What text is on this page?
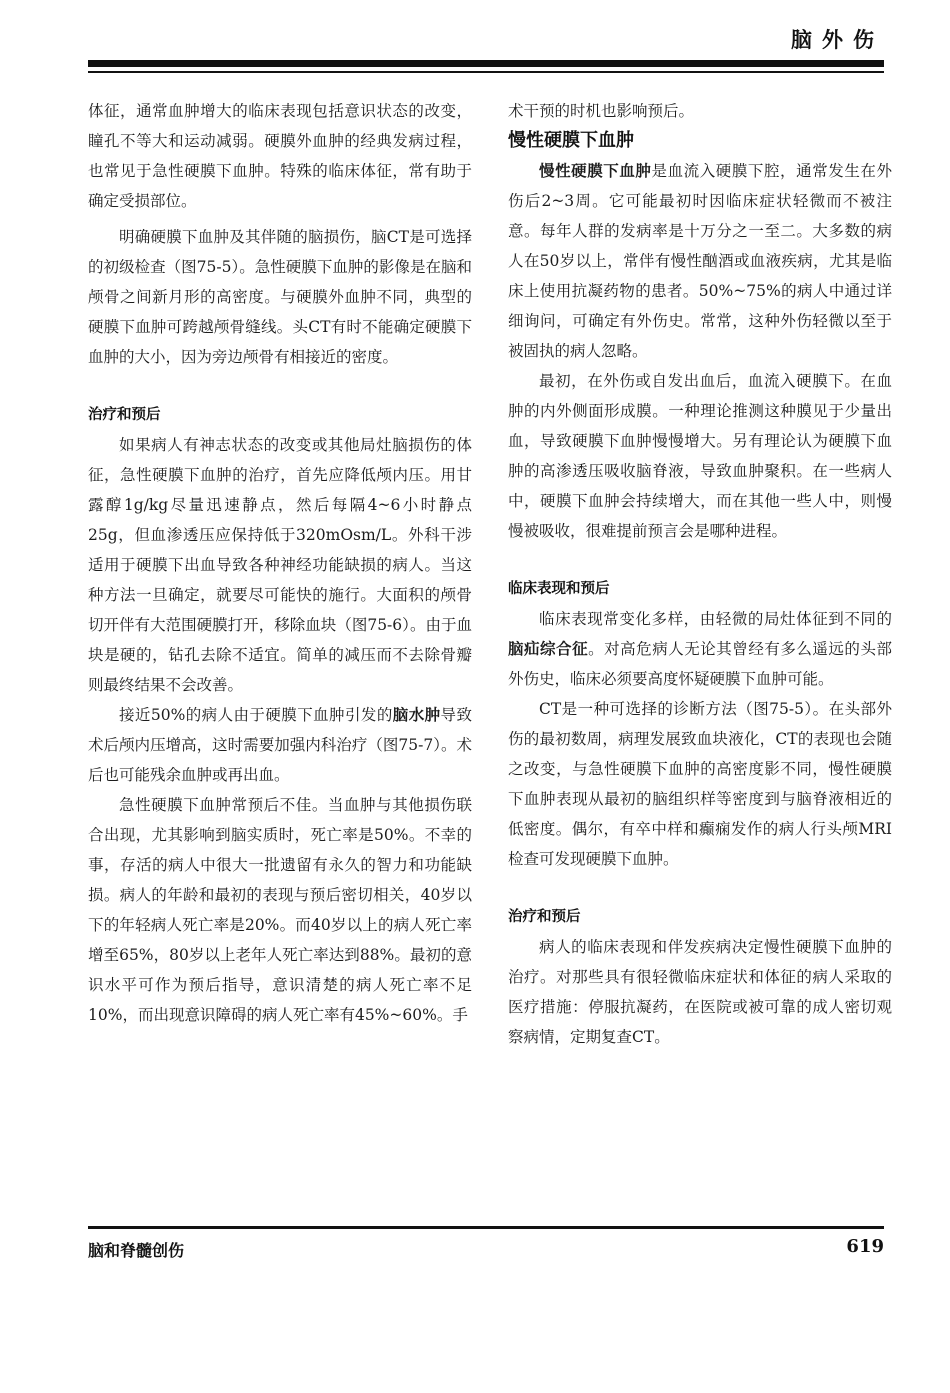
脑外伤

体征，通常血肿增大的临床表现包括意识状态的改变，瞳孔不等大和运动减弱。硬膜外血肿的经典发病过程，也常见于急性硬膜下血肿。特殊的临床体征，常有助于确定受损部位。

明确硬膜下血肿及其伴随的脑损伤，脑CT是可选择的初级检查（图75-5）。急性硬膜下血肿的影像是在脑和颅骨之间新月形的高密度。与硬膜外血肿不同，典型的硬膜下血肿可跨越颅骨缝线。头CT有时不能确定硬膜下血肿的大小，因为旁边颅骨有相接近的密度。

治疗和预后

如果病人有神志状态的改变或其他局灶脑损伤的体征，急性硬膜下血肿的治疗，首先应降低颅内压。用甘露醇1g/kg尽量迅速静点，然后每隔4~6小时静点25g，但血渗透压应保持低于320mOsm/L。外科干涉适用于硬膜下出血导致各种神经功能缺损的病人。当这种方法一旦确定，就要尽可能快的施行。大面积的颅骨切开伴有大范围硬膜打开，移除血块（图75-6）。由于血块是硬的，钻孔去除不适宜。简单的减压而不去除骨瓣则最终结果不会改善。

接近50%的病人由于硬膜下血肿引发的脑水肿导致术后颅内压增高，这时需要加强内科治疗（图75-7）。术后也可能残余血肿或再出血。

急性硬膜下血肿常预后不佳。当血肿与其他损伤联合出现，尤其影响到脑实质时，死亡率是50%。不幸的事，存活的病人中很大一批遗留有永久的智力和功能缺损。病人的年龄和最初的表现与预后密切相关，40岁以下的年轻病人死亡率是20%。而40岁以上的病人死亡率增至65%，80岁以上老年人死亡率达到88%。最初的意识水平可作为预后指导，意识清楚的病人死亡率不足10%，而出现意识障碍的病人死亡率有45%~60%。手

术干预的时机也影响预后。

慢性硬膜下血肿

慢性硬膜下血肿是血流入硬膜下腔，通常发生在外伤后2~3周。它可能最初时因临床症状轻微而不被注意。每年人群的发病率是十万分之一至二。大多数的病人在50岁以上，常伴有慢性酗酒或血液疾病，尤其是临床上使用抗凝药物的患者。50%~75%的病人中通过详细询问，可确定有外伤史。常常，这种外伤轻微以至于被固执的病人忽略。

最初，在外伤或自发出血后，血流入硬膜下。在血肿的内外侧面形成膜。一种理论推测这种膜见于少量出血，导致硬膜下血肿慢慢增大。另有理论认为硬膜下血肿的高渗透压吸收脑脊液，导致血肿聚积。在一些病人中，硬膜下血肿会持续增大，而在其他一些人中，则慢慢被吸收，很难提前预言会是哪种进程。

临床表现和预后

临床表现常变化多样，由轻微的局灶体征到不同的脑疝综合征。对高危病人无论其曾经有多么遥远的头部外伤史，临床必须要高度怀疑硬膜下血肿可能。

CT是一种可选择的诊断方法（图75-5）。在头部外伤的最初数周，病理发展致血块液化，CT的表现也会随之改变，与急性硬膜下血肿的高密度影不同，慢性硬膜下血肿表现从最初的脑组织样等密度到与脑脊液相近的低密度。偶尔，有卒中样和癫痫发作的病人行头颅MRI检查可发现硬膜下血肿。

治疗和预后

病人的临床表现和伴发疾病决定慢性硬膜下血肿的治疗。对那些具有很轻微临床症状和体征的病人采取的医疗措施：停服抗凝药，在医院或被可靠的成人密切观察病情，定期复查CT。

脑和脊髓创伤	619
